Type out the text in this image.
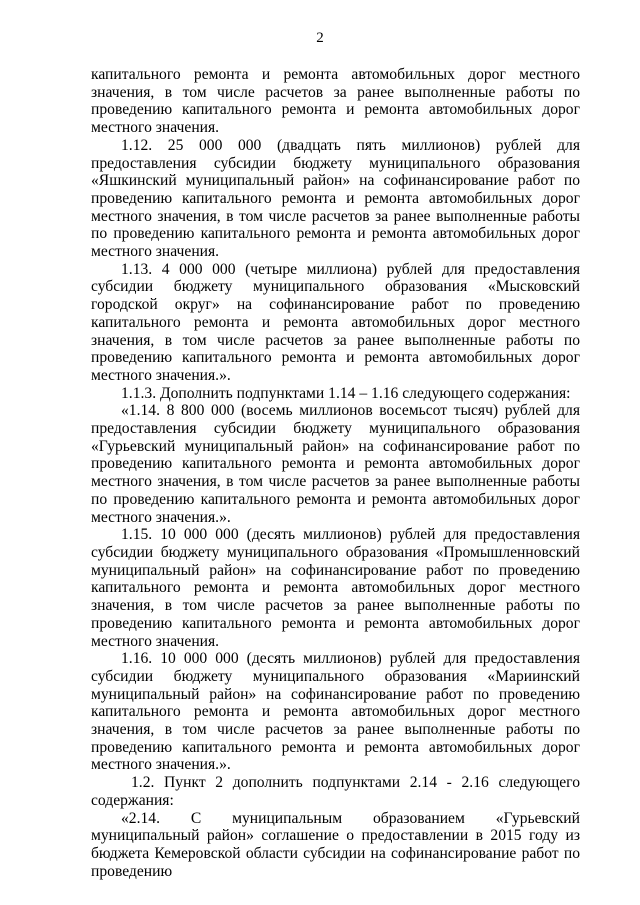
2

капитального ремонта и ремонта автомобильных дорог местного значения, в том числе расчетов за ранее выполненные работы по проведению капитального ремонта и ремонта автомобильных дорог местного значения.

1.12. 25 000 000 (двадцать пять миллионов) рублей для предоставления субсидии бюджету муниципального образования «Яшкинский муниципальный район» на софинансирование работ по проведению капитального ремонта и ремонта автомобильных дорог местного значения, в том числе расчетов за ранее выполненные работы по проведению капитального ремонта и ремонта автомобильных дорог местного значения.

1.13. 4 000 000 (четыре миллиона) рублей для предоставления субсидии бюджету муниципального образования «Мысковский городской округ» на софинансирование работ по проведению капитального ремонта и ремонта автомобильных дорог местного значения, в том числе расчетов за ранее выполненные работы по проведению капитального ремонта и ремонта автомобильных дорог местного значения.».

1.1.3. Дополнить подпунктами 1.14 – 1.16 следующего содержания:

«1.14. 8 800 000 (восемь миллионов восемьсот тысяч) рублей для предоставления субсидии бюджету муниципального образования «Гурьевский муниципальный район» на софинансирование работ по проведению капитального ремонта и ремонта автомобильных дорог местного значения, в том числе расчетов за ранее выполненные работы по проведению капитального ремонта и ремонта автомобильных дорог местного значения.».

1.15. 10 000 000 (десять миллионов) рублей для предоставления субсидии бюджету муниципального образования «Промышленновский муниципальный район» на софинансирование работ по проведению капитального ремонта и ремонта автомобильных дорог местного значения, в том числе расчетов за ранее выполненные работы по проведению капитального ремонта и ремонта автомобильных дорог местного значения.

1.16. 10 000 000 (десять миллионов) рублей для предоставления субсидии бюджету муниципального образования «Мариинский муниципальный район» на софинансирование работ по проведению капитального ремонта и ремонта автомобильных дорог местного значения, в том числе расчетов за ранее выполненные работы по проведению капитального ремонта и ремонта автомобильных дорог местного значения.».

1.2. Пункт 2 дополнить подпунктами 2.14 - 2.16 следующего содержания:

«2.14. С муниципальным образованием «Гурьевский муниципальный район» соглашение о предоставлении в 2015 году из бюджета Кемеровской области субсидии на софинансирование работ по проведению
